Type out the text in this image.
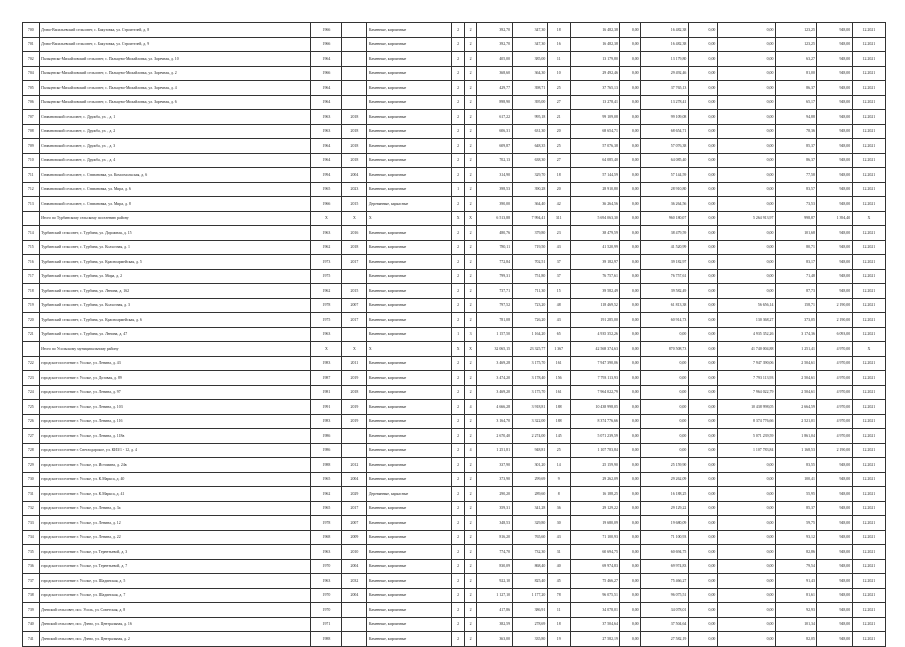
700	Дзэво-Васильевский сельсовет, с. Бакузовка, ул. Строителей, д. 8	1966		Каменные, кирпичные	2	2	392,70	347,30	18	16 482,38	0,00	16 482,38	0,00	0,00	123,25	948,00	12.2021
701	Дзэво-Васильевский сельсовет, с. Бакузовка, ул. Строителей, д. 9	1966		Каменные, кирпичные	2	2	392,70	347,30	16	16 482,38	0,00	16 482,38	0,00	0,00	123,25	948,00	12.2021
702	Пальцевско-Михайловский сельсовет, с. Пальцево-Михайловка, ул. Заречная, д. 10	1964		Каменные, кирпичные	2	2	405,00	385,00	11	13 179,80	0,00	13 179,80	0,00	0,00	63,27	948,00	12.2021
704	Пальцевско-Михайловский сельсовет, с. Пальцево-Михайловка, ул. Заречная, д. 2	1966		Каменные, кирпичные	2	2	368,60	364,30	10	29 492,46	0,00	29 492,46	0,00	0,00	81,00	948,00	12.2021
705	Пальцевско-Михайловский сельсовет, с. Пальцево-Михайловка, ул. Заречная, д. 4	1964		Каменные, кирпичные	2	2	429,77	398,71	25	37 765,13	0,00	37 765,13	0,00	0,00	86,37	948,00	12.2021
706	Пальцевско-Михайловский сельсовет, с. Пальцево-Михайловка, ул. Заречная, д. 6	1964		Каменные, кирпичные	2	2	898,90	395,00	27	13 278,41	0,00	13 278,41	0,00	0,00	65,17	948,00	12.2021
707	Стивановский сельсовет, с. Дружба, ул. , д. 1	1963	2018	Каменные, кирпичные	2	2	617,22	995,18	21	99 109,08	0,00	99 109,08	0,00	0,00	94,88	948,00	12.2021
708	Стивановский сельсовет, с. Дружба, ул. , д. 2	1963	2018	Каменные, кирпичные	2	2	606,31	631,30	20	68 654,71	0,00	68 654,71	0,00	0,00	78,36	948,00	12.2021
709	Стивановский сельсовет, с. Дружба, ул. , д. 3	1964	2018	Каменные, кирпичные	2	2	609,87	648,35	25	57 076,38	0,00	57 076,38	0,00	0,00	85,37	948,00	12.2021
710	Стивановский сельсовет, с. Дружба, ул. , д. 4	1964	2018	Каменные, кирпичные	2	2	702,13	638,30	27	64 085,40	0,00	64 085,40	0,00	0,00	86,37	948,00	12.2021
711	Стивановский сельсовет, с. Стивановка, ул. Комсомольская, д. 6	1994	2004	Каменные, кирпичные	2	2	314,90	329,70	18	57 144,59	0,00	57 144,59	0,00	0,00	77,58	948,00	12.2021
712	Стивановский сельсовет, с. Стивановка, ул. Мира, д. 6	1965	2023	Каменные, кирпичные	1	2	398,53	390,28	20	28 910,80	0,00	28 910,80	0,00	0,00	83,57	948,00	12.2021
713	Стивановский сельсовет, с. Стивановка, ул. Мира, д. 8	1966	2015	Деревянные, каркасные	2	2	390,00	364,40	42	36 264,56	0,00	36 264,56	0,00	0,00	73,53	948,00	12.2021
	Итого по Турбинскому сельскому поселению району	X	X	X	X	X	6 513,88	7 994,41	311	5 694 063,30	0,00	960 180,07	0,00	5 264 913,97	998,87	1 394,40	X
714	Турбинский сельсовет, с. Турбина, ул. Дорожная, д. 15	1963	2016	Каменные, кирпичные	2	2	480,76	379,80	23	38 479,59	0,00	38 479,59	0,00	0,00	101,68	948,00	12.2021
715	Турбинский сельсовет, с. Турбина, ул. Колхозная, д. 1	1962	2018	Каменные, кирпичные	2	2	780,11	719,50	43	41 520,99	0,00	41 520,99	0,00	0,00	80,71	948,00	12.2021
716	Турбинский сельсовет, с. Турбина, ул. Красноармейская, д. 5	1973	2017	Каменные, кирпичные	2	2	772,84	702,51	37	39 182,97	0,00	39 182,97	0,00	0,00	83,17	948,00	12.2021
717	Турбинский сельсовет, с. Турбина, ул. Мира, д. 2	1975		Каменные, кирпичные	2	2	799,31	751,80	37	76 757,61	0,00	76 757,61	0,00	0,00	71,48	948,00	12.2021
718	Турбинский сельсовет, с. Турбина, ул. Ленина, д. 162	1962	2015	Каменные, кирпичные	2	2	737,71	711,30	15	39 582,49	0,00	39 582,49	0,00	0,00	87,73	948,00	12.2021
719	Турбинский сельсовет, с. Турбина, ул. Колхозная, д. 3	1978	2007	Каменные, кирпичные	2	2	797,52	723,20	48	118 469,52	0,00	61 813,38	0,00	56 656,14	158,71	2 190,00	12.2021
720	Турбинский сельсовет, с. Турбина, ул. Красноармейская, д. 6	1975	2017	Каменные, кирпичные	2	2	781,08	726,20	43	191 285,00	0,00	60 914,73	0,00	130 368,27	373,05	2 190,00	12.2021
721	Турбинский сельсовет, с. Турбина, ул. Ленина, д. 47	1963		Каменные, кирпичные	1	3	1 157,50	1 164,20	65	4 935 352,26	0,00	0,00	0,00	4 935 352,26	3 174,36	6 093,00	12.2021
	Итого по Усольскому муниципальному району	X	X	X	X	X	32 065,15	23 325,77	1 367	42 568 374,63	0,00	870 508,73	0,00	41 740 004,88	1 251,41	4 970,00	X
722	городское поселение г. Усолье, ул. Ленина, д. 43	1983	2011	Каменные, кирпичные	2	2	3 469,28	3 175,70	161	7 947 390,06	0,00	0,00	0,00	7 947 390,06	2 504,61	4 970,00	12.2021
723	городское поселение г. Усолье, ул. Дозовая, д. 89	1987	2019	Каменные, кирпичные	2	2	3 474,20	3 178,40	156	7 793 113,93	0,00	0,00	0,00	7 793 113,93	2 504,61	4 970,00	12.2021
724	городское поселение г. Усолье, ул. Ленина, д. 97	1981	2018	Каменные, кирпичные	2	2	3 469,20	3 175,70	161	7 964 022,79	0,00	0,00	0,00	7 964 022,79	2 504,61	4 970,00	12.2021
725	городское поселение г. Усолье, ул. Ленина, д. 103	1991	2019	Каменные, кирпичные	2	4	4 666,28	3 918,81	188	10 438 998,05	0,00	0,00	0,00	10 438 998,05	2 664,59	4 970,00	12.2021
726	городское поселение г. Усолье, ул. Ленина, д. 116	1983	2019	Каменные, кирпичные	2	2	3 164,70	3 322,00	188	8 374 776,66	0,00	0,00	0,00	8 374 776,66	2 521,01	4 970,00	12.2021
727	городское поселение г. Усолье, ул. Ленина, д. 118в	1986		Каменные, кирпичные	2	2	2 670,40	2 274,00	145	5 071 239,59	0,00	0,00	0,00	5 071 239,59	1 861,04	4 970,00	12.2021
728	городское поселение г. Светлодарское, ул. КИЗ/1 - 12, д. 4	1986		Каменные, кирпичные	2	4	1 251,81	948,81	25	1 107 783,84	0,00	0,00	0,00	1 107 783,84	1 168,53	2 190,00	12.2021
729	городское поселение г. Усолье, ул. Истомина, д. 24в	1988	2012	Каменные, кирпичные	2	2	337,90	301,20	14	25 159,90	0,00	25 159,90	0,00	0,00	83,55	948,00	12.2021
730	городское поселение г. Усолье, ул. К.Маркса, д. 40	1965	2004	Каменные, кирпичные	2	2	373,90	299,69	9	29 262,09	0,00	29 262,09	0,00	0,00	100,41	948,00	12.2021
731	городское поселение г. Усолье, ул. К.Маркса, д. 41	1962	2029	Деревянные, каркасные	2	2	290,20	289,60	8	16 188,25	0,00	16 188,25	0,00	0,00	55,95	948,00	12.2021
732	городское поселение г. Усолье, ул. Ленина, д. 3а	1965	2017	Каменные, кирпичные	2	2	359,31	341,28	36	29 129,22	0,00	29 129,22	0,00	0,00	85,37	948,00	12.2021
733	городское поселение г. Усолье, ул. Ленина, д. 12	1978	2007	Каменные, кирпичные	2	2	348,53	329,80	30	19 680,09	0,00	19 680,09	0,00	0,00	59,75	948,00	12.2021
734	городское поселение г. Усолье, ул. Ленина, д. 22	1968	2009	Каменные, кирпичные	2	2	816,20	765,60	43	71 100,93	0,00	71 100,93	0,00	0,00	93,12	948,00	12.2021
735	городское поселение г. Усолье, ул. Терентьевой, д. 3	1963	2010	Каменные, кирпичные	2	2	774,70	732,30	31	60 694,75	0,00	60 694,75	0,00	0,00	82,86	948,00	12.2021
736	городское поселение г. Усолье, ул. Терентьевой, д. 7	1970	2004	Каменные, кирпичные	2	2	830,09	868,40	40	69 974,83	0,00	69 974,83	0,00	0,00	79,54	948,00	12.2021
737	городское поселение г. Усолье, ул. Шадинская, д. 5	1963	2032	Каменные, кирпичные	2	2	922,10	825,40	45	75 466,27	0,00	75 466,27	0,00	0,00	91,43	948,00	12.2021
738	городское поселение г. Усолье, ул. Шадинская, д. 7	1970	2004	Каменные, кирпичные	2	2	1 127,10	1 177,20	78	96 075,51	0,00	96 075,51	0,00	0,00	81,61	948,00	12.2021
739	Дзевский сельсовет, пос. Усоль, ул. Советская, д. 8	1970		Каменные, кирпичные	2	2	417,86	386,91	11	34 078,01	0,00	34 078,01	0,00	0,00	92,93	948,00	12.2021
740	Дзевский сельсовет, пос. Дзево, ул. Центральная, д. 16	1971		Каменные, кирпичные	2	2	382,59	278,69	18	37 504,64	0,00	37 504,64	0,00	0,00	101,34	948,00	12.2021
741	Дзевский сельсовет, пос. Дзево, ул. Центральная, д. 2	1988		Каменные, кирпичные	2	2	363,00	335,80	19	27 582,19	0,00	27 582,19	0,00	0,00	82,05	948,00	12.2021
